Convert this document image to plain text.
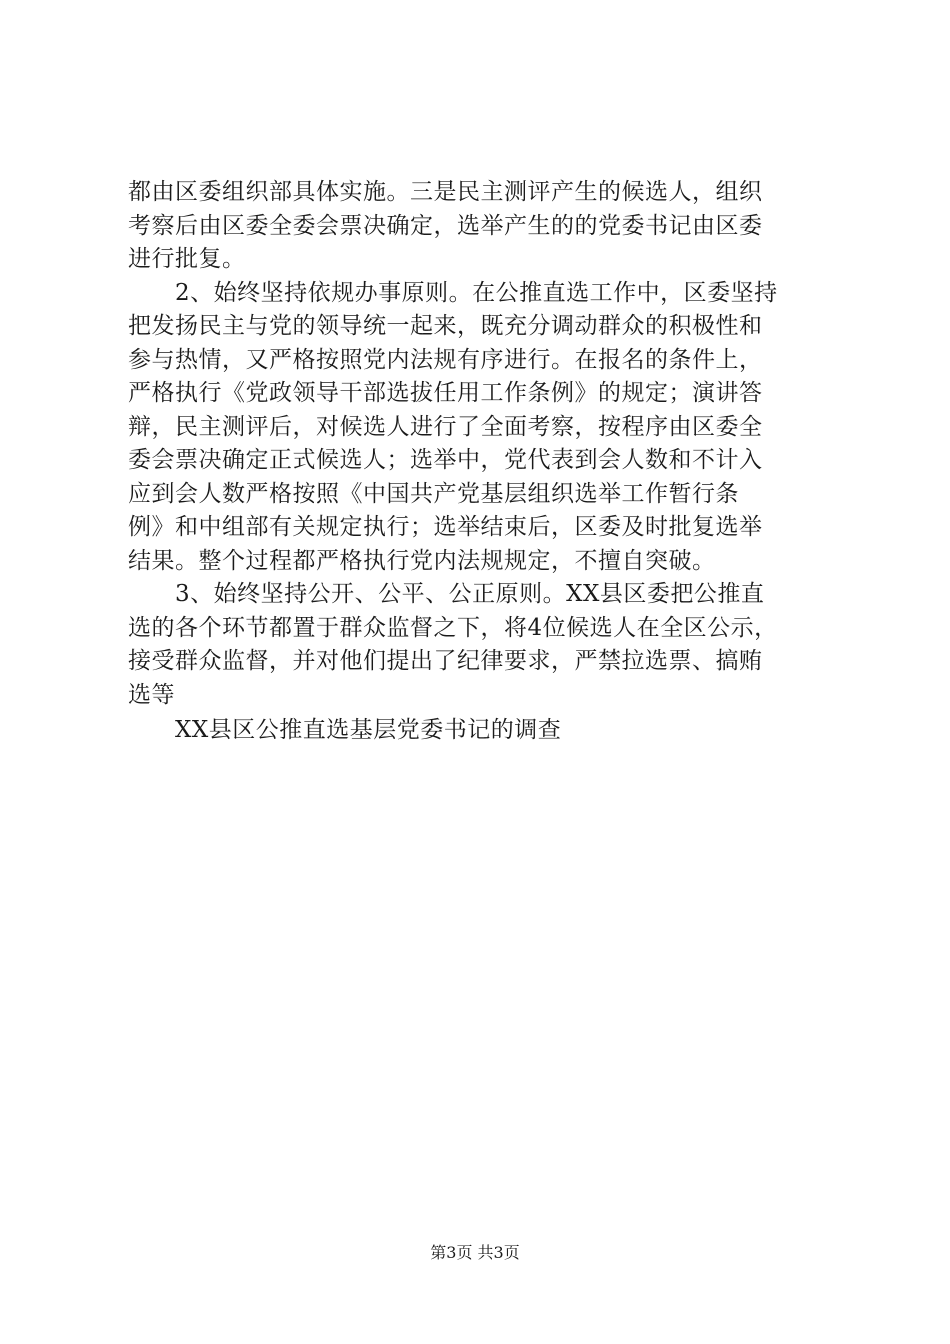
都由区委组织部具体实施。三是民主测评产生的候选人，组织
考察后由区委全委会票决确定，选举产生的的党委书记由区委
进行批复。
2、始终坚持依规办事原则。在公推直选工作中，区委坚持
把发扬民主与党的领导统一起来，既充分调动群众的积极性和
参与热情，又严格按照党内法规有序进行。在报名的条件上，
严格执行《党政领导干部选拔任用工作条例》的规定；演讲答
辩，民主测评后，对候选人进行了全面考察，按程序由区委全
委会票决确定正式候选人；选举中，党代表到会人数和不计入
应到会人数严格按照《中国共产党基层组织选举工作暂行条
例》和中组部有关规定执行；选举结束后，区委及时批复选举
结果。整个过程都严格执行党内法规规定，不擅自突破。
3、始终坚持公开、公平、公正原则。XX县区委把公推直
选的各个环节都置于群众监督之下，将4位候选人在全区公示，
接受群众监督，并对他们提出了纪律要求，严禁拉选票、搞贿
选等
XX县区公推直选基层党委书记的调查
第3页 共3页
